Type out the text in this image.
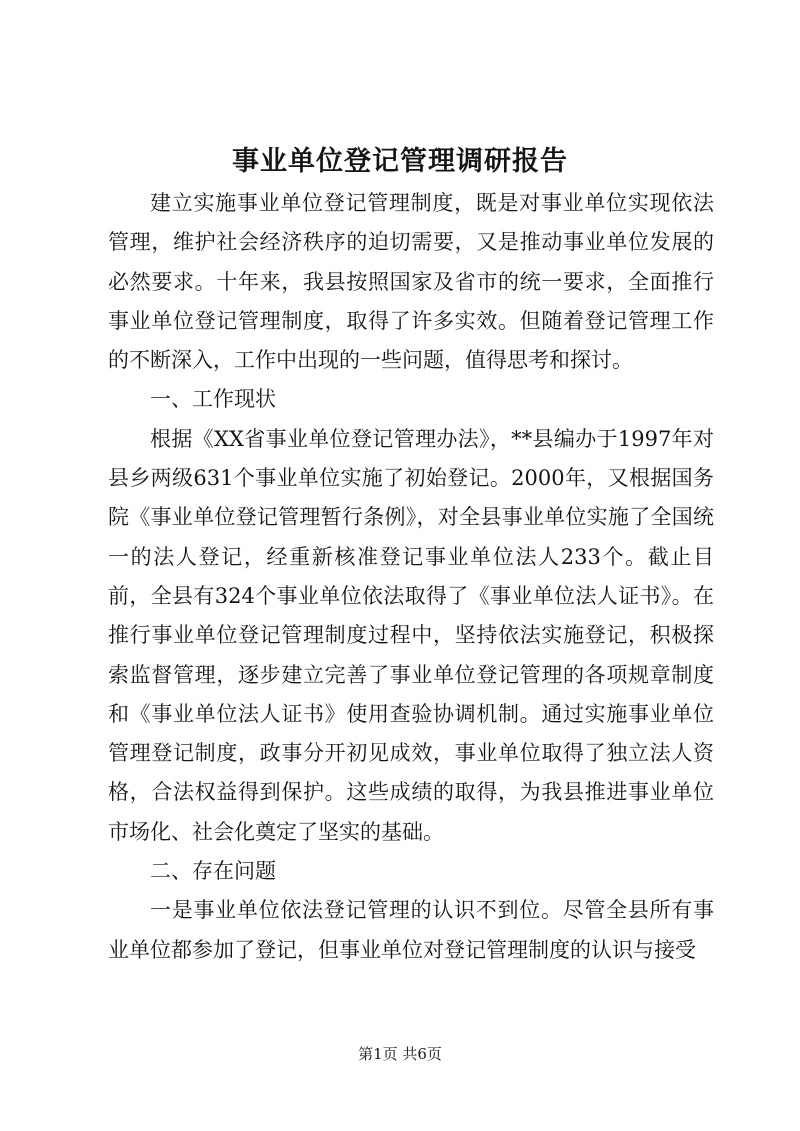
事业单位登记管理调研报告

建立实施事业单位登记管理制度，既是对事业单位实现依法管理，维护社会经济秩序的迫切需要，又是推动事业单位发展的必然要求。十年来，我县按照国家及省市的统一要求，全面推行事业单位登记管理制度，取得了许多实效。但随着登记管理工作的不断深入，工作中出现的一些问题，值得思考和探讨。

一、工作现状

根据《XX省事业单位登记管理办法》，**县编办于1997年对县乡两级631个事业单位实施了初始登记。2000年，又根据国务院《事业单位登记管理暂行条例》，对全县事业单位实施了全国统一的法人登记，经重新核准登记事业单位法人233个。截止目前，全县有324个事业单位依法取得了《事业单位法人证书》。在推行事业单位登记管理制度过程中，坚持依法实施登记，积极探索监督管理，逐步建立完善了事业单位登记管理的各项规章制度和《事业单位法人证书》使用查验协调机制。通过实施事业单位管理登记制度，政事分开初见成效，事业单位取得了独立法人资格，合法权益得到保护。这些成绩的取得，为我县推进事业单位市场化、社会化奠定了坚实的基础。

二、存在问题

一是事业单位依法登记管理的认识不到位。尽管全县所有事业单位都参加了登记，但事业单位对登记管理制度的认识与接受

第1页 共6页
